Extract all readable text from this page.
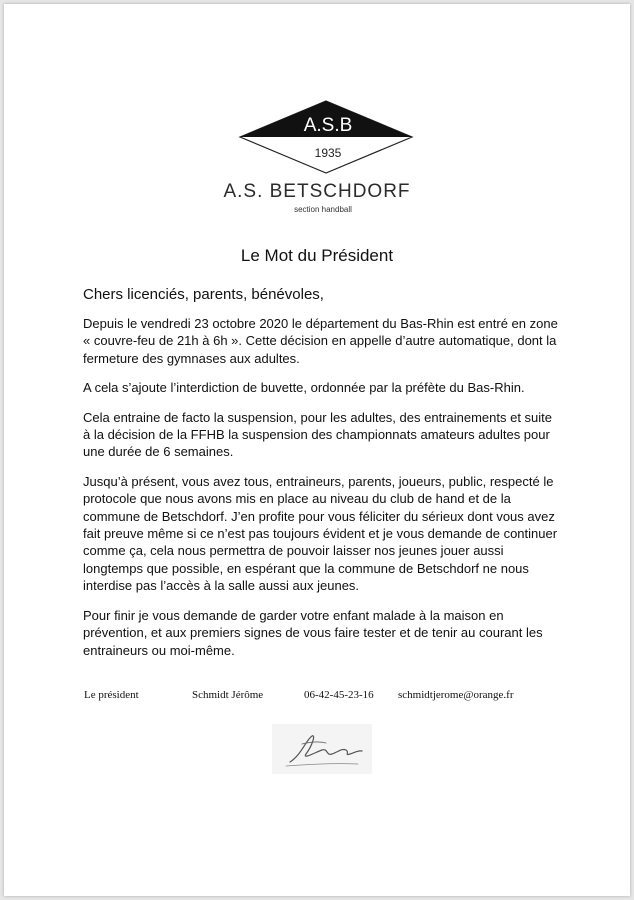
A.S.B
1935
A.S. BETSCHDORF
section handball
Le Mot du Président
Chers licenciés, parents, bénévoles,

Depuis le vendredi 23 octobre 2020 le département du Bas-Rhin est entré en zone « couvre-feu de 21h à 6h ». Cette décision en appelle d’autre automatique, dont la fermeture des gymnases aux adultes.

A cela s’ajoute l’interdiction de buvette, ordonnée par la préfète du Bas-Rhin.

Cela entraine de facto la suspension, pour les adultes, des entrainements et suite à la décision de la FFHB la suspension des championnats amateurs adultes pour une durée de 6 semaines.

Jusqu’à présent, vous avez tous, entraineurs, parents, joueurs, public, respecté le protocole que nous avons mis en place au niveau du club de hand et de la commune de Betschdorf. J’en profite pour vous féliciter du sérieux dont vous avez fait preuve même si ce n’est pas toujours évident et je vous demande de continuer comme ça, cela nous permettra de pouvoir laisser nos jeunes jouer aussi longtemps que possible, en espérant que la commune de Betschdorf ne nous interdise pas l’accès à la salle aussi aux jeunes.

Pour finir je vous demande de garder votre enfant malade à la maison en prévention, et aux premiers signes de vous faire tester et de tenir au courant les entraineurs ou moi-même.

Le président	Schmidt Jérôme	06-42-45-23-16 schmidtjerome@orange.fr
